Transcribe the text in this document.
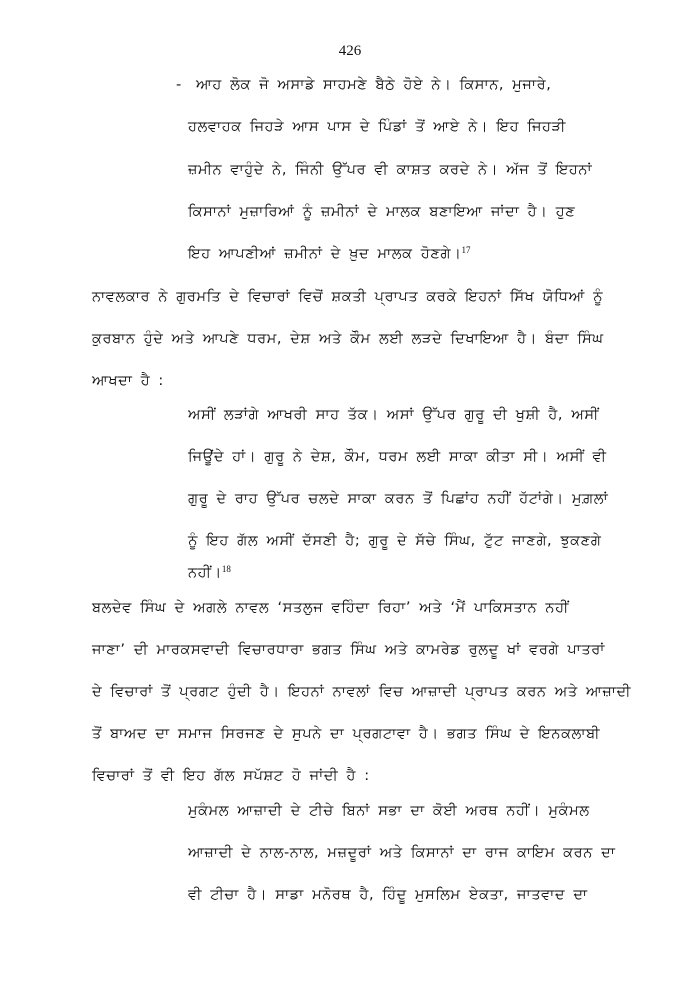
426
- ਆਹ ਲੋਕ ਜੋ ਅਸਾਡੇ ਸਾਹਮਣੇ ਬੈਠੇ ਹੋਏ ਨੇ। ਕਿਸਾਨ, ਮੁਜਾਰੇ,
ਹਲਵਾਹਕ ਜਿਹੜੇ ਆਸ ਪਾਸ ਦੇ ਪਿੰਡਾਂ ਤੋਂ ਆਏ ਨੇ। ਇਹ ਜਿਹੜੀ
ਜ਼ਮੀਨ ਵਾਹੁੰਦੇ ਨੇ, ਜਿੰਨੀ ਉੱਪਰ ਵੀ ਕਾਸ਼ਤ ਕਰਦੇ ਨੇ। ਅੱਜ ਤੋਂ ਇਹਨਾਂ
ਕਿਸਾਨਾਂ ਮੁਜ਼ਾਰਿਆਂ ਨੂੰ ਜ਼ਮੀਨਾਂ ਦੇ ਮਾਲਕ ਬਣਾਇਆ ਜਾਂਦਾ ਹੈ। ਹੁਣ
ਇਹ ਆਪਣੀਆਂ ਜ਼ਮੀਨਾਂ ਦੇ ਖ਼ੁਦ ਮਾਲਕ ਹੋਣਗੇ।$^{17}$
ਨਾਵਲਕਾਰ ਨੇ ਗੁਰਮਤਿ ਦੇ ਵਿਚਾਰਾਂ ਵਿਚੋਂ ਸ਼ਕਤੀ ਪ੍ਰਾਪਤ ਕਰਕੇ ਇਹਨਾਂ ਸਿੱਖ ਯੋਧਿਆਂ ਨੂੰ
ਕੁਰਬਾਨ ਹੁੰਦੇ ਅਤੇ ਆਪਣੇ ਧਰਮ, ਦੇਸ਼ ਅਤੇ ਕੌਮ ਲਈ ਲੜਦੇ ਦਿਖਾਇਆ ਹੈ। ਬੰਦਾ ਸਿੰਘ
ਆਖਦਾ ਹੈ :
ਅਸੀਂ ਲੜਾਂਗੇ ਆਖਰੀ ਸਾਹ ਤੱਕ। ਅਸਾਂ ਉੱਪਰ ਗੁਰੂ ਦੀ ਖੁਸ਼ੀ ਹੈ, ਅਸੀਂ
ਜਿਊਂਦੇ ਹਾਂ। ਗੁਰੂ ਨੇ ਦੇਸ਼, ਕੌਮ, ਧਰਮ ਲਈ ਸਾਕਾ ਕੀਤਾ ਸੀ। ਅਸੀਂ ਵੀ
ਗੁਰੂ ਦੇ ਰਾਹ ਉੱਪਰ ਚਲਦੇ ਸਾਕਾ ਕਰਨ ਤੋਂ ਪਿਛਾਂਹ ਨਹੀਂ ਹੱਟਾਂਗੇ। ਮੁਗ਼ਲਾਂ
ਨੂੰ ਇਹ ਗੱਲ ਅਸੀਂ ਦੱਸਣੀ ਹੈ; ਗੁਰੂ ਦੇ ਸੱਚੇ ਸਿੰਘ, ਟੁੱਟ ਜਾਣਗੇ, ਝੁਕਣਗੇ
ਨਹੀਂ।$^{18}$
ਬਲਦੇਵ ਸਿੰਘ ਦੇ ਅਗਲੇ ਨਾਵਲ ‘ਸਤਲੁਜ ਵਹਿੰਦਾ ਰਿਹਾ’ ਅਤੇ ‘ਮੈਂ ਪਾਕਿਸਤਾਨ ਨਹੀਂ
ਜਾਣਾ’ ਦੀ ਮਾਰਕਸਵਾਦੀ ਵਿਚਾਰਧਾਰਾ ਭਗਤ ਸਿੰਘ ਅਤੇ ਕਾਮਰੇਡ ਰੁਲਦੂ ਖਾਂ ਵਰਗੇ ਪਾਤਰਾਂ
ਦੇ ਵਿਚਾਰਾਂ ਤੋਂ ਪ੍ਰਗਟ ਹੁੰਦੀ ਹੈ। ਇਹਨਾਂ ਨਾਵਲਾਂ ਵਿਚ ਆਜ਼ਾਦੀ ਪ੍ਰਾਪਤ ਕਰਨ ਅਤੇ ਆਜ਼ਾਦੀ
ਤੋਂ ਬਾਅਦ ਦਾ ਸਮਾਜ ਸਿਰਜਣ ਦੇ ਸੁਪਨੇ ਦਾ ਪ੍ਰਗਟਾਵਾ ਹੈ। ਭਗਤ ਸਿੰਘ ਦੇ ਇਨਕਲਾਬੀ
ਵਿਚਾਰਾਂ ਤੋਂ ਵੀ ਇਹ ਗੱਲ ਸਪੱਸ਼ਟ ਹੋ ਜਾਂਦੀ ਹੈ :
ਮੁਕੰਮਲ ਆਜ਼ਾਦੀ ਦੇ ਟੀਚੇ ਬਿਨਾਂ ਸਭਾ ਦਾ ਕੋਈ ਅਰਥ ਨਹੀਂ। ਮੁਕੰਮਲ
ਆਜ਼ਾਦੀ ਦੇ ਨਾਲ-ਨਾਲ, ਮਜ਼ਦੂਰਾਂ ਅਤੇ ਕਿਸਾਨਾਂ ਦਾ ਰਾਜ ਕਾਇਮ ਕਰਨ ਦਾ
ਵੀ ਟੀਚਾ ਹੈ। ਸਾਡਾ ਮਨੋਰਥ ਹੈ, ਹਿੰਦੂ ਮੁਸਲਿਮ ਏਕਤਾ, ਜਾਤਵਾਦ ਦਾ
